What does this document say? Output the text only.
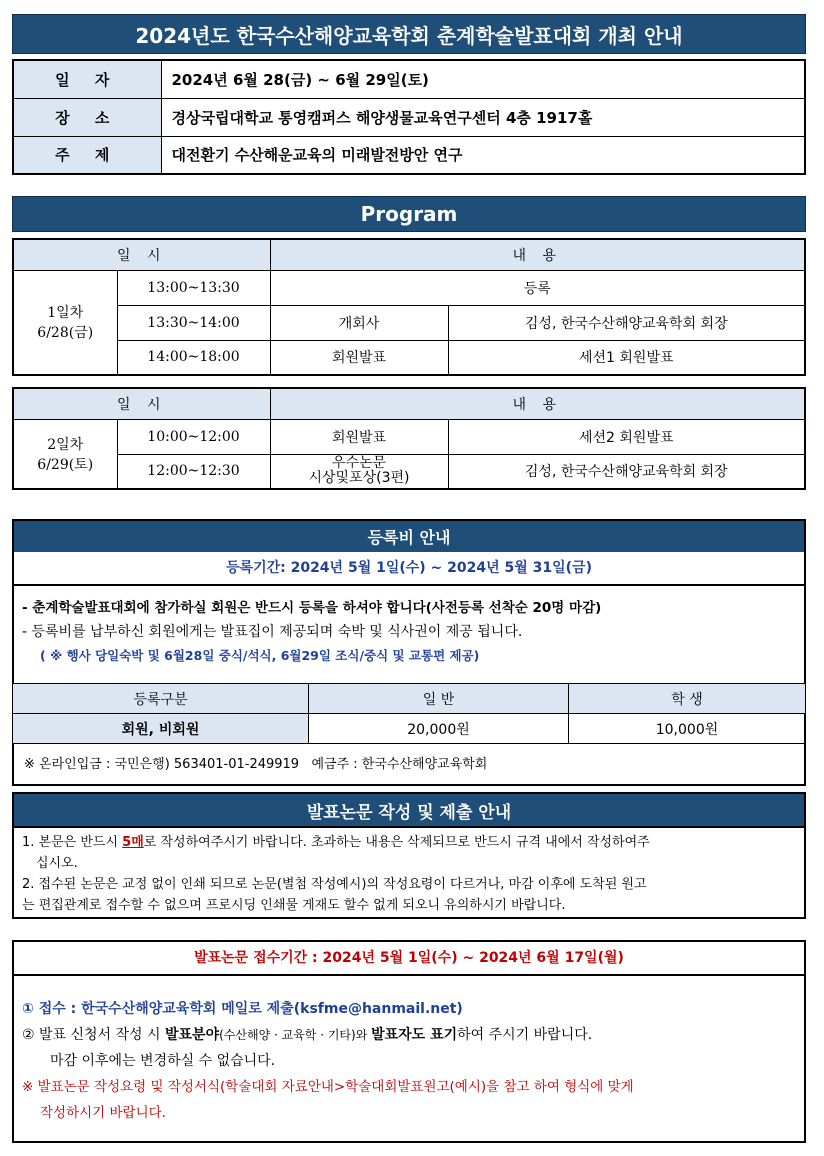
2024년도 한국수산해양교육학회 춘계학술발표대회 개최 안내
일 자	2024년 6월 28(금) ~ 6월 29일(토)
장 소	경상국립대학교 통영캠퍼스 해양생물교육연구센터 4층 1917홀
주 제	대전환기 수산해운교육의 미래발전방안 연구
Program
일 시		내 용	

1일차
6/28(금)	13:00~13:30	등록	
	13:30~14:00	개회사	김성, 한국수산해양교육학회 회장
	14:00~18:00	회원발표	세션1 회원발표
일 시		내 용	

2일차
6/29(토)	10:00~12:00	회원발표	세션2 회원발표
	12:00~12:30	우수논문
시상및포상(3편)	김성, 한국수산해양교육학회 회장
등록비 안내
등록기간: 2024년 5월 1일(수) ~ 2024년 5월 31일(금)
- 춘계학술발표대회에 참가하실 회원은 반드시 등록을 하셔야 합니다(사전등록 선착순 20명 마감)
- 등록비를 납부하신 회원에게는 발표집이 제공되며 숙박 및 식사권이 제공 됩니다.
( ※ 행사 당일숙박 및 6월28일 중식/석식, 6월29일 조식/중식 및 교통편 제공)
등록구분	일 반	학 생
회원, 비회원	20,000원	10,000원
※ 온라인입금 : 국민은행) 563401-01-249919   예금주 : 한국수산해양교육학회
발표논문 작성 및 제출 안내
1. 본문은 반드시 5매로 작성하여주시기 바랍니다. 초과하는 내용은 삭제되므로 반드시 규격 내에서 작성하여주
십시오.
2. 접수된 논문은 교정 없이 인쇄 되므로 논문(별첨 작성예시)의 작성요령이 다르거나, 마감 이후에 도착된 원고
는 편집관계로 접수할 수 없으며 프로시딩 인쇄물 게재도 할수 없게 되오니 유의하시기 바랍니다.
발표논문 접수기간 : 2024년 5월 1일(수) ~ 2024년 6월 17일(월)
① 접수 : 한국수산해양교육학회 메일로 제출(ksfme@hanmail.net)
② 발표 신청서 작성 시 발표분야(수산해양 · 교육학 · 기타)와 발표자도 표기하여 주시기 바랍니다.
마감 이후에는 변경하실 수 없습니다.
※ 발표논문 작성요령 및 작성서식(학술대회 자료안내>학술대회발표원고(예시)을 참고 하여 형식에 맞게
작성하시기 바랍니다.
